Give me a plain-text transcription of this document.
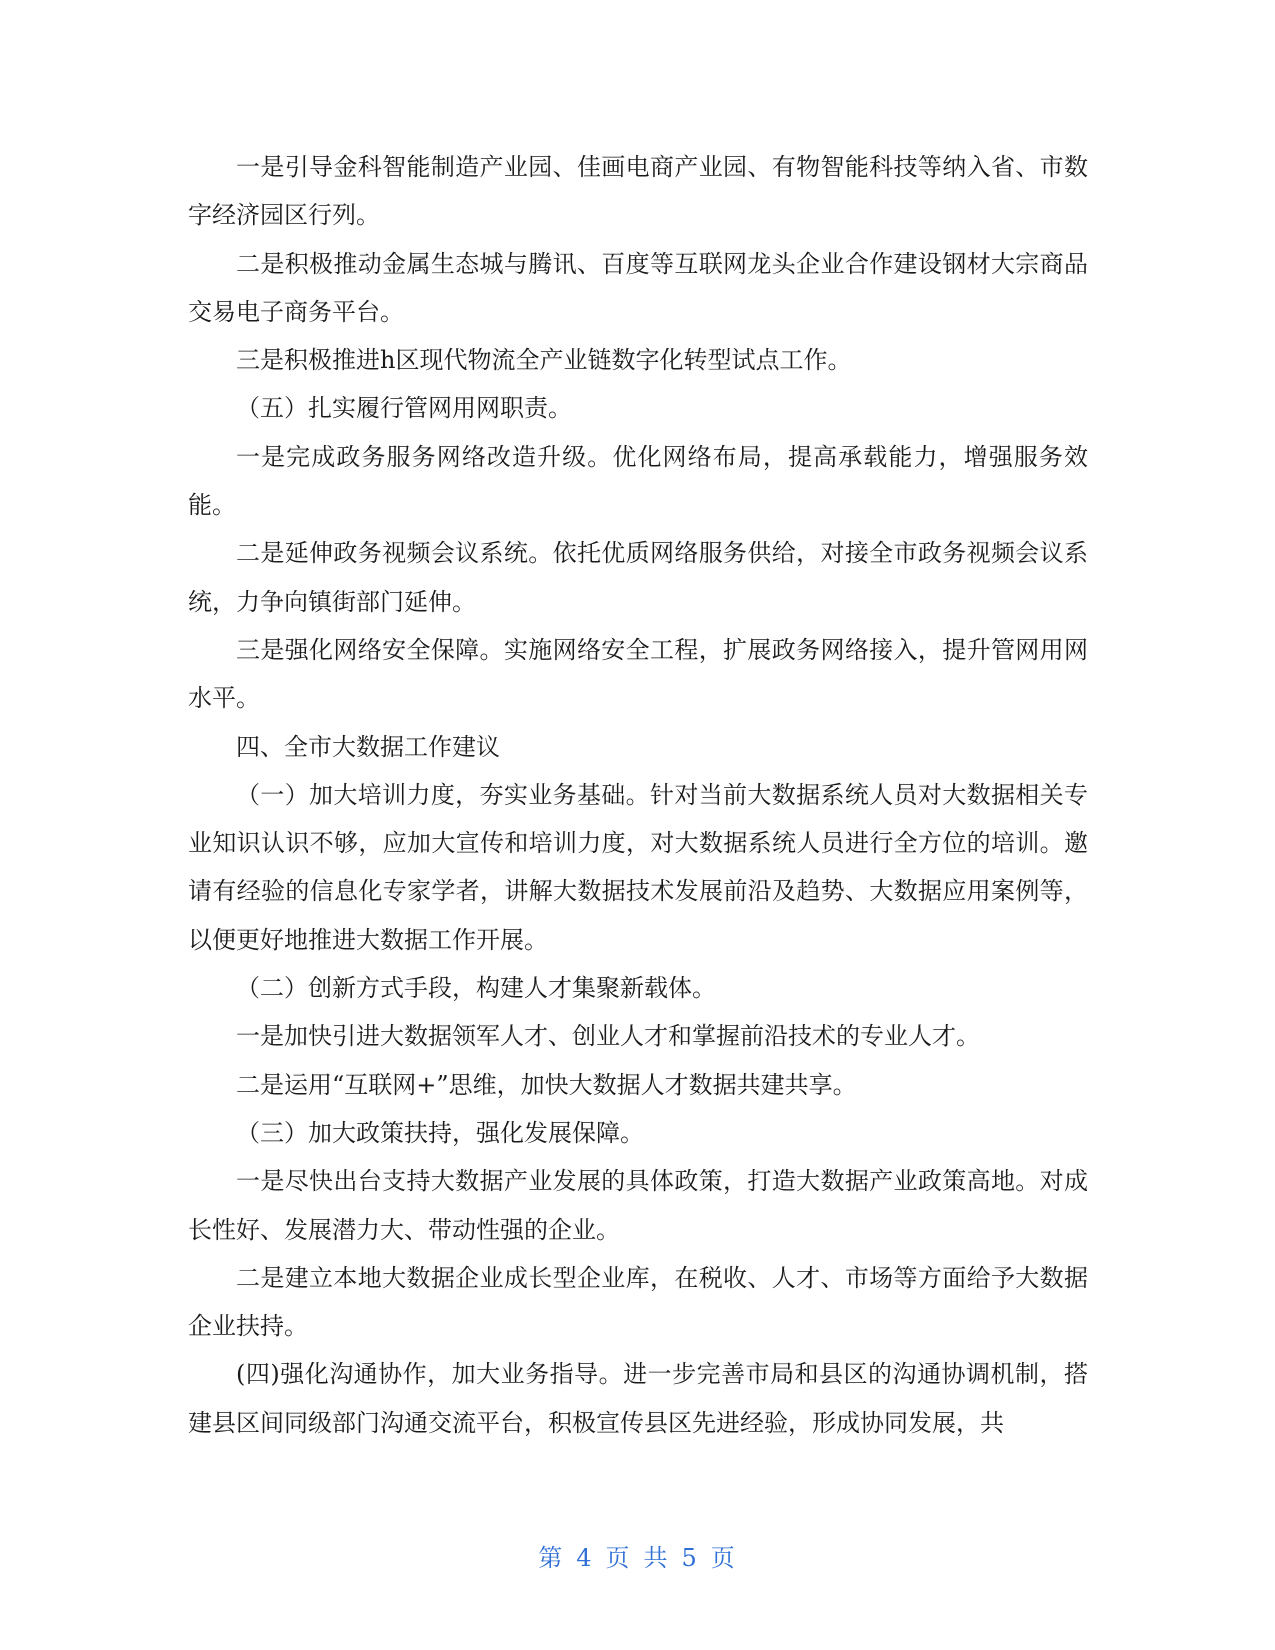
一是引导金科智能制造产业园、佳画电商产业园、有物智能科技等纳入省、市数字经济园区行列。

二是积极推动金属生态城与腾讯、百度等互联网龙头企业合作建设钢材大宗商品交易电子商务平台。

三是积极推进h区现代物流全产业链数字化转型试点工作。

（五）扎实履行管网用网职责。

一是完成政务服务网络改造升级。优化网络布局，提高承载能力，增强服务效能。

二是延伸政务视频会议系统。依托优质网络服务供给，对接全市政务视频会议系统，力争向镇街部门延伸。

三是强化网络安全保障。实施网络安全工程，扩展政务网络接入，提升管网用网水平。

四、全市大数据工作建议

（一）加大培训力度，夯实业务基础。针对当前大数据系统人员对大数据相关专业知识认识不够，应加大宣传和培训力度，对大数据系统人员进行全方位的培训。邀请有经验的信息化专家学者，讲解大数据技术发展前沿及趋势、大数据应用案例等，以便更好地推进大数据工作开展。

（二）创新方式手段，构建人才集聚新载体。

一是加快引进大数据领军人才、创业人才和掌握前沿技术的专业人才。

二是运用“互联网+”思维，加快大数据人才数据共建共享。

（三）加大政策扶持，强化发展保障。

一是尽快出台支持大数据产业发展的具体政策，打造大数据产业政策高地。对成长性好、发展潜力大、带动性强的企业。

二是建立本地大数据企业成长型企业库，在税收、人才、市场等方面给予大数据企业扶持。

(四)强化沟通协作，加大业务指导。进一步完善市局和县区的沟通协调机制，搭建县区间同级部门沟通交流平台，积极宣传县区先进经验，形成协同发展，共

第 4 页 共 5 页
